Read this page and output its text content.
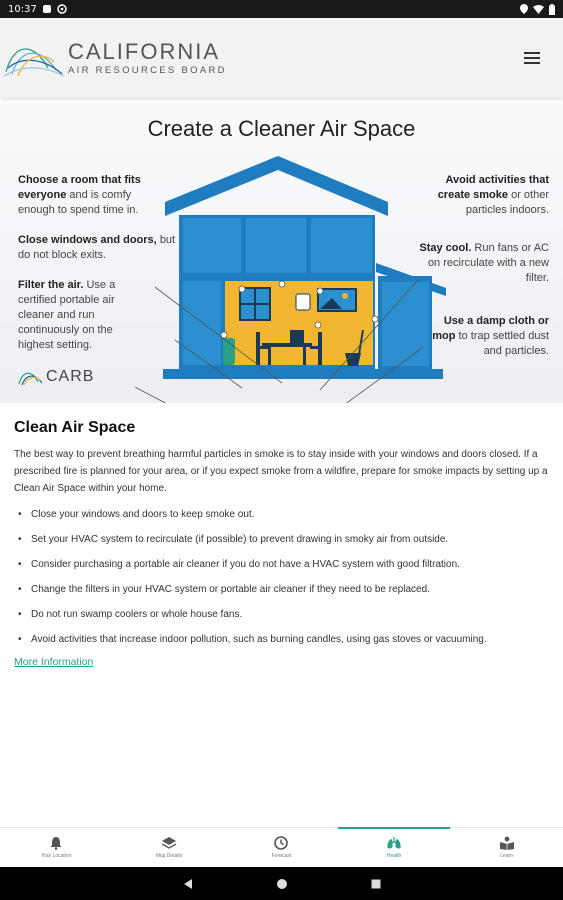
10:37
CALIFORNIA
AIR RESOURCES BOARD
Create a Cleaner Air Space
Choose a room that fits everyone and is comfy enough to spend time in.
Close windows and doors, but do not block exits.
Filter the air. Use a certified portable air cleaner and run continuously on the highest setting.
Avoid activities that create smoke or other particles indoors.
Stay cool. Run fans or AC on recirculate with a new filter.
Use a damp cloth or mop to trap settled dust and particles.
CARB
Clean Air Space

The best way to prevent breathing harmful particles in smoke is to stay inside with your windows and doors closed. If a prescribed fire is planned for your area, or if you expect smoke from a wildfire, prepare for smoke impacts by setting up a Clean Air Space within your home.

• Close your windows and doors to keep smoke out.
• Set your HVAC system to recirculate (if possible) to prevent drawing in smoky air from outside.
• Consider purchasing a portable air cleaner if you do not have a HVAC system with good filtration.
• Change the filters in your HVAC system or portable air cleaner if they need to be replaced.
• Do not run swamp coolers or whole house fans.
• Avoid activities that increase indoor pollution, such as burning candles, using gas stoves or vacuuming.
More Information
Your Location	Map Details	Forecast	Health	Learn
